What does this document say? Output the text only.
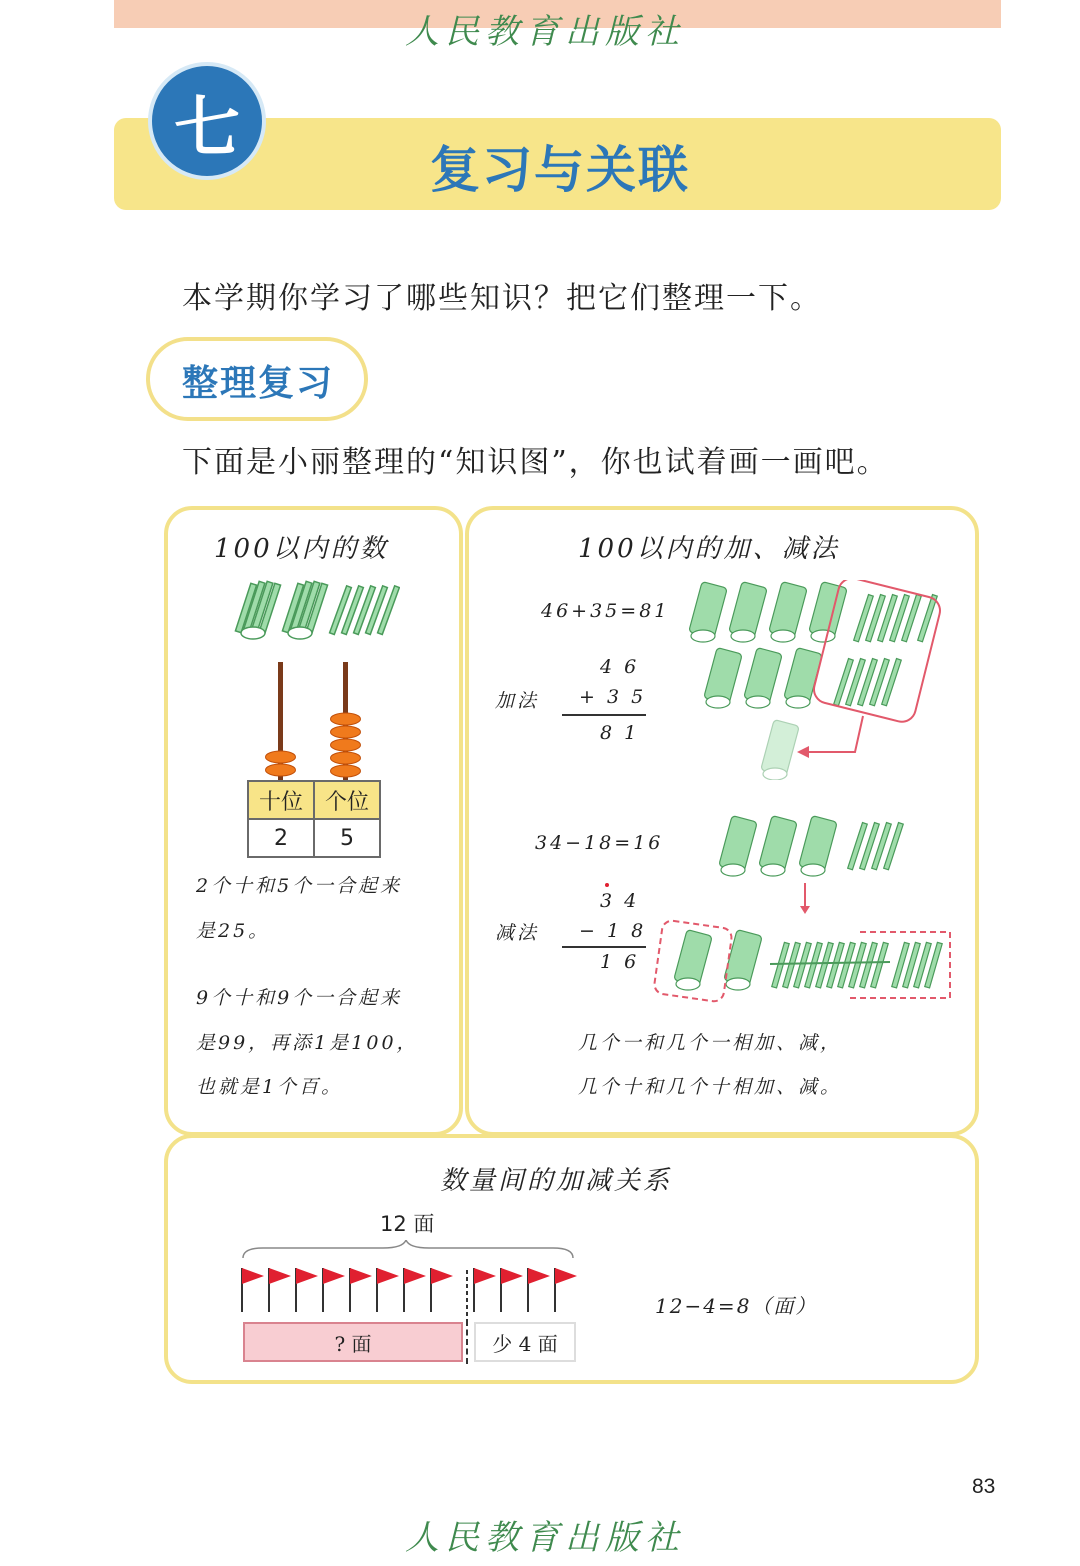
人民教育出版社
七
复习与关联
本学期你学习了哪些知识？把它们整理一下。
整理复习
下面是小丽整理的“知识图”，你也试着画一画吧。
100以内的数
十位	个位
2	5
2个十和5个一合起来
是25。
9个十和9个一合起来
是99，再添1是100，
也就是1个百。
100以内的加、减法
46+35=81
加法
4 6
+ 3 5
8 1
34−18=16
3 4
减法 − 1 8
1 6
几个一和几个一相加、减，
几个十和几个十相加、减。
数量间的加减关系
12 面
? 面	少 4 面
12−4=8（面）
83
人民教育出版社
